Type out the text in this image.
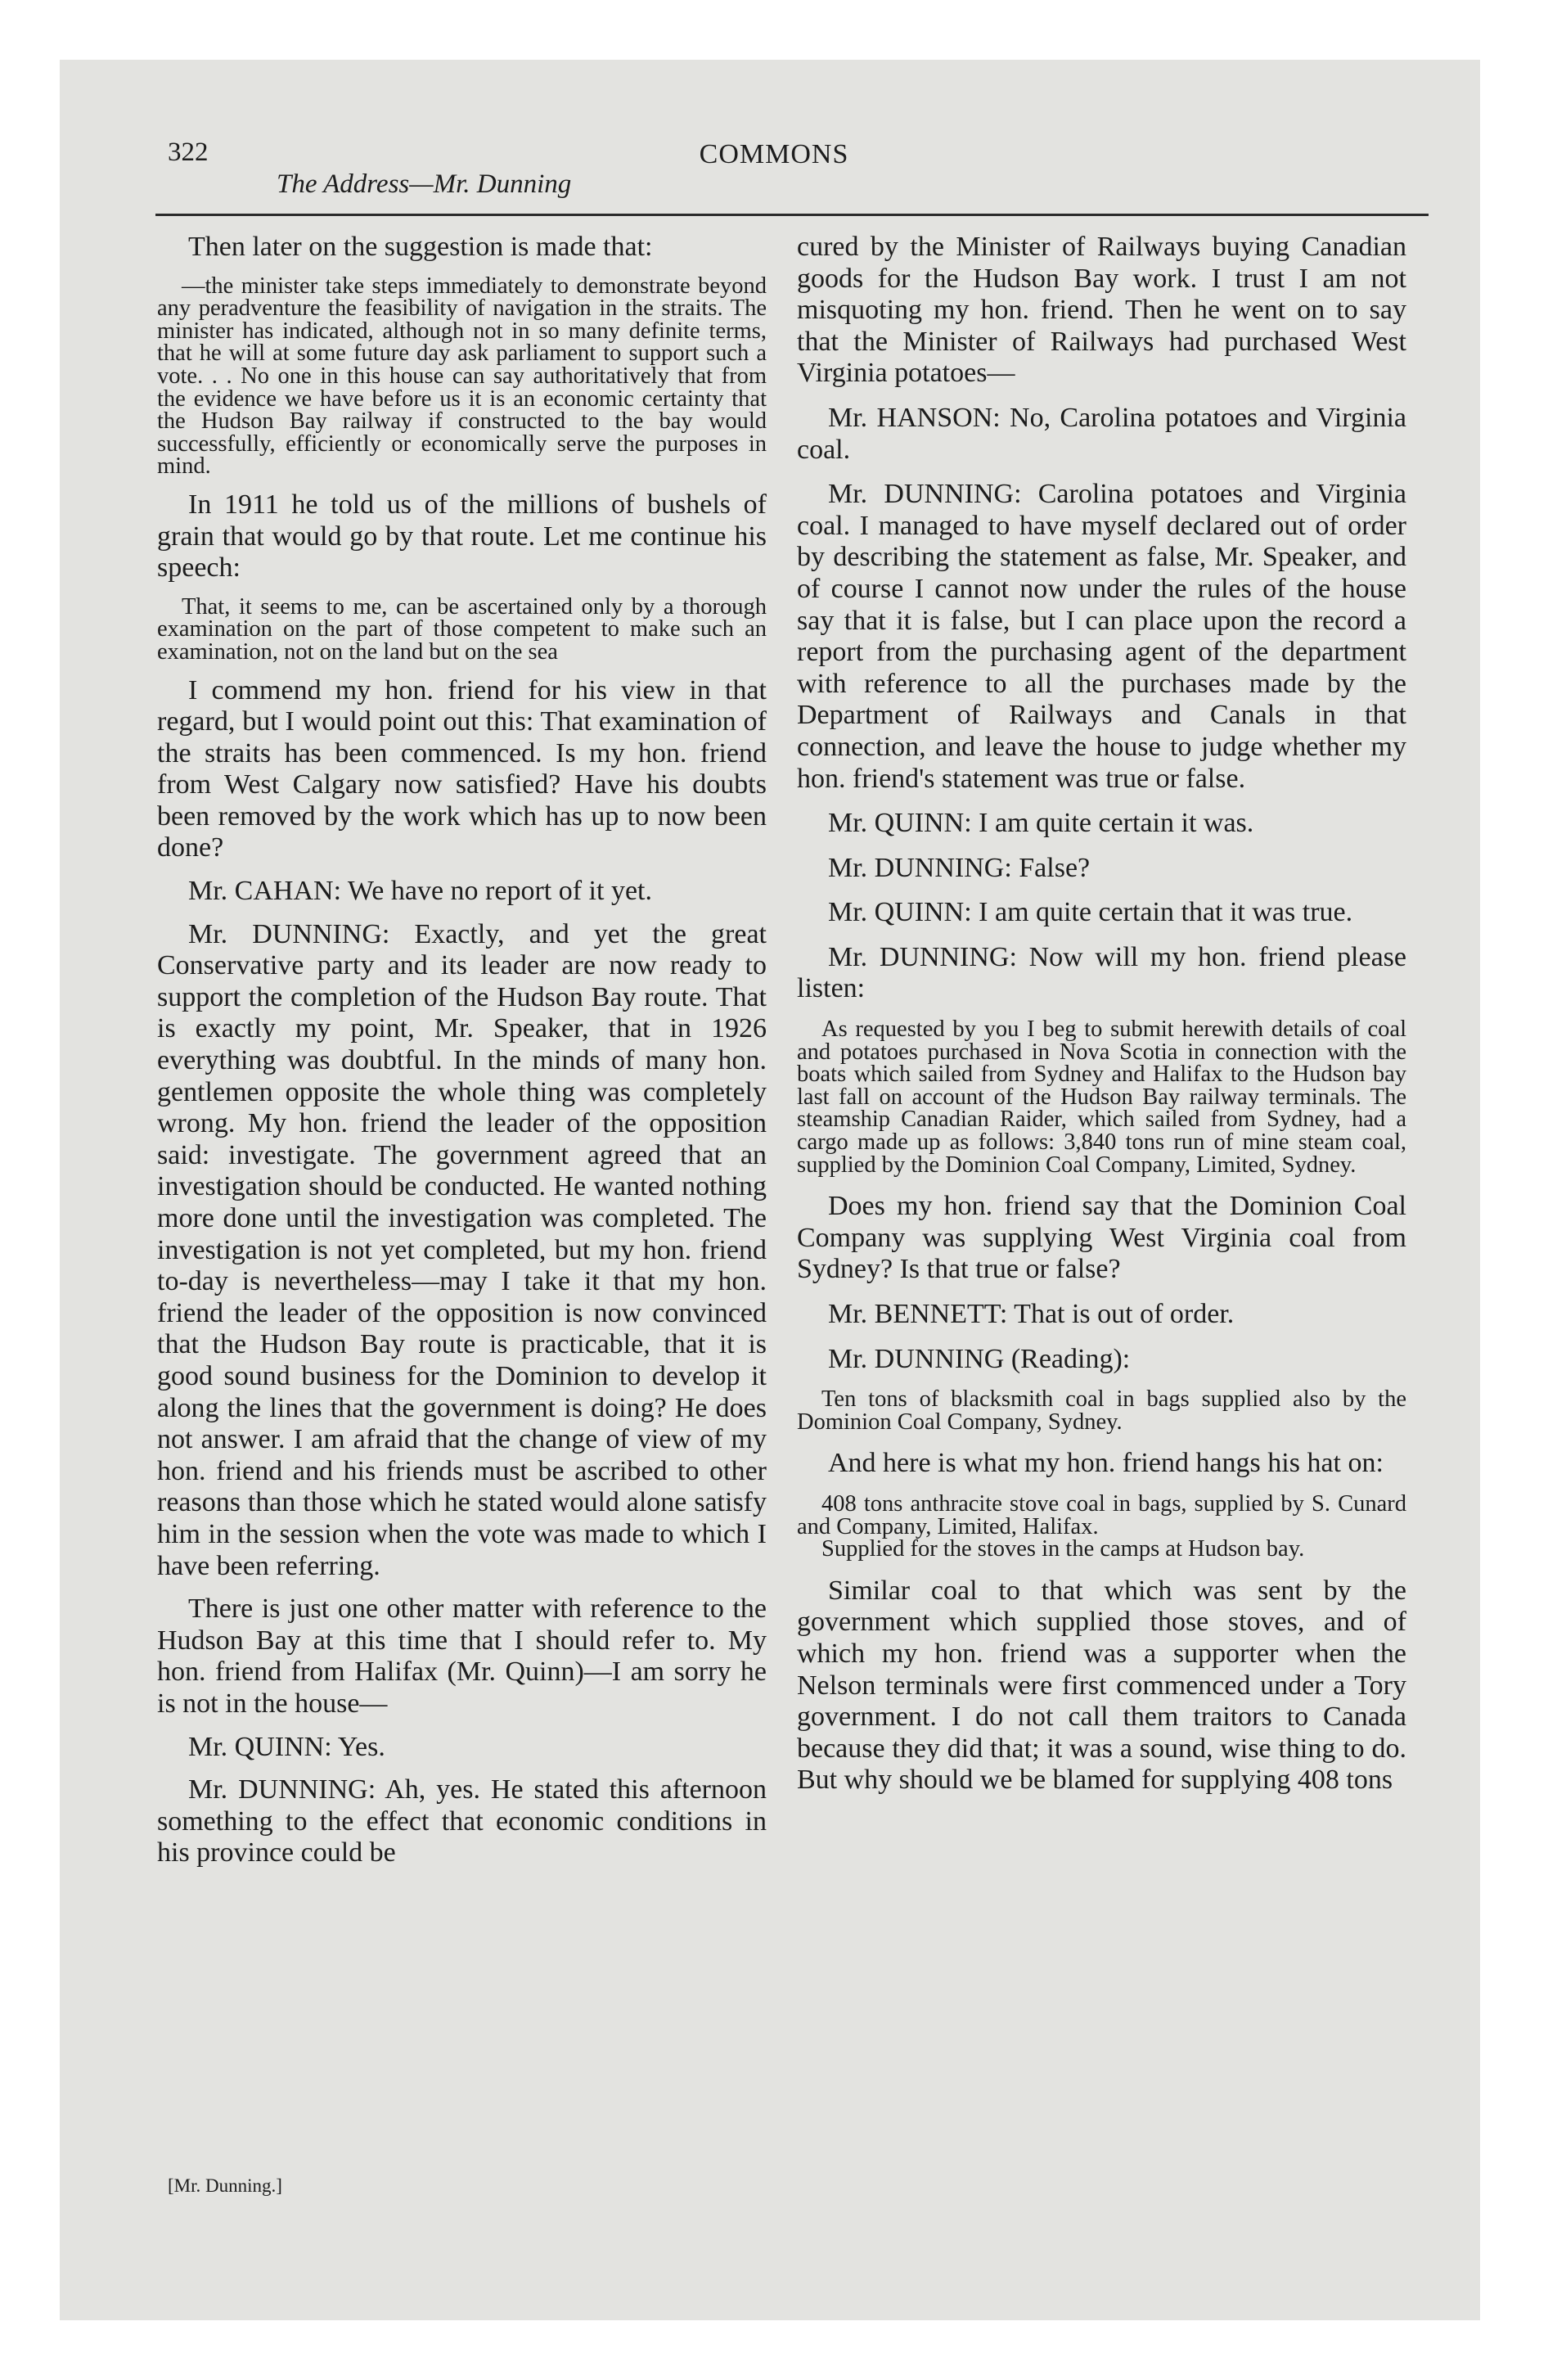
322	COMMONS
The Address—Mr. Dunning

Then later on the suggestion is made that:

—the minister take steps immediately to demonstrate beyond any peradventure the feasibility of navigation in the straits. The minister has indicated, although not in so many definite terms, that he will at some future day ask parliament to support such a vote. . . No one in this house can say authoritatively that from the evidence we have before us it is an economic certainty that the Hudson Bay railway if constructed to the bay would successfully, efficiently or economically serve the purposes in mind.

In 1911 he told us of the millions of bushels of grain that would go by that route. Let me continue his speech:

That, it seems to me, can be ascertained only by a thorough examination on the part of those competent to make such an examination, not on the land but on the sea

I commend my hon. friend for his view in that regard, but I would point out this: That examination of the straits has been commenced. Is my hon. friend from West Calgary now satisfied? Have his doubts been removed by the work which has up to now been done?

Mr. CAHAN: We have no report of it yet.

Mr. DUNNING: Exactly, and yet the great Conservative party and its leader are now ready to support the completion of the Hudson Bay route. That is exactly my point, Mr. Speaker, that in 1926 everything was doubtful. In the minds of many hon. gentlemen opposite the whole thing was completely wrong. My hon. friend the leader of the opposition said: investigate. The government agreed that an investigation should be conducted. He wanted nothing more done until the investigation was completed. The investigation is not yet completed, but my hon. friend to-day is nevertheless—may I take it that my hon. friend the leader of the opposition is now convinced that the Hudson Bay route is practicable, that it is good sound business for the Dominion to develop it along the lines that the government is doing? He does not answer. I am afraid that the change of view of my hon. friend and his friends must be ascribed to other reasons than those which he stated would alone satisfy him in the session when the vote was made to which I have been referring.

There is just one other matter with reference to the Hudson Bay at this time that I should refer to. My hon. friend from Halifax (Mr. Quinn)—I am sorry he is not in the house—

Mr. QUINN: Yes.

Mr. DUNNING: Ah, yes. He stated this afternoon something to the effect that economic conditions in his province could be

cured by the Minister of Railways buying Canadian goods for the Hudson Bay work. I trust I am not misquoting my hon. friend. Then he went on to say that the Minister of Railways had purchased West Virginia potatoes—

Mr. HANSON: No, Carolina potatoes and Virginia coal.

Mr. DUNNING: Carolina potatoes and Virginia coal. I managed to have myself declared out of order by describing the statement as false, Mr. Speaker, and of course I cannot now under the rules of the house say that it is false, but I can place upon the record a report from the purchasing agent of the department with reference to all the purchases made by the Department of Railways and Canals in that connection, and leave the house to judge whether my hon. friend's statement was true or false.

Mr. QUINN: I am quite certain it was.

Mr. DUNNING: False?

Mr. QUINN: I am quite certain that it was true.

Mr. DUNNING: Now will my hon. friend please listen:

As requested by you I beg to submit herewith details of coal and potatoes purchased in Nova Scotia in connection with the boats which sailed from Sydney and Halifax to the Hudson bay last fall on account of the Hudson Bay railway terminals. The steamship Canadian Raider, which sailed from Sydney, had a cargo made up as follows: 3,840 tons run of mine steam coal, supplied by the Dominion Coal Company, Limited, Sydney.

Does my hon. friend say that the Dominion Coal Company was supplying West Virginia coal from Sydney? Is that true or false?

Mr. BENNETT: That is out of order.

Mr. DUNNING (Reading):

Ten tons of blacksmith coal in bags supplied also by the Dominion Coal Company, Sydney.

And here is what my hon. friend hangs his hat on:

408 tons anthracite stove coal in bags, supplied by S. Cunard and Company, Limited, Halifax.

Supplied for the stoves in the camps at Hudson bay.

Similar coal to that which was sent by the government which supplied those stoves, and of which my hon. friend was a supporter when the Nelson terminals were first commenced under a Tory government. I do not call them traitors to Canada because they did that; it was a sound, wise thing to do. But why should we be blamed for supplying 408 tons

[Mr. Dunning.]
